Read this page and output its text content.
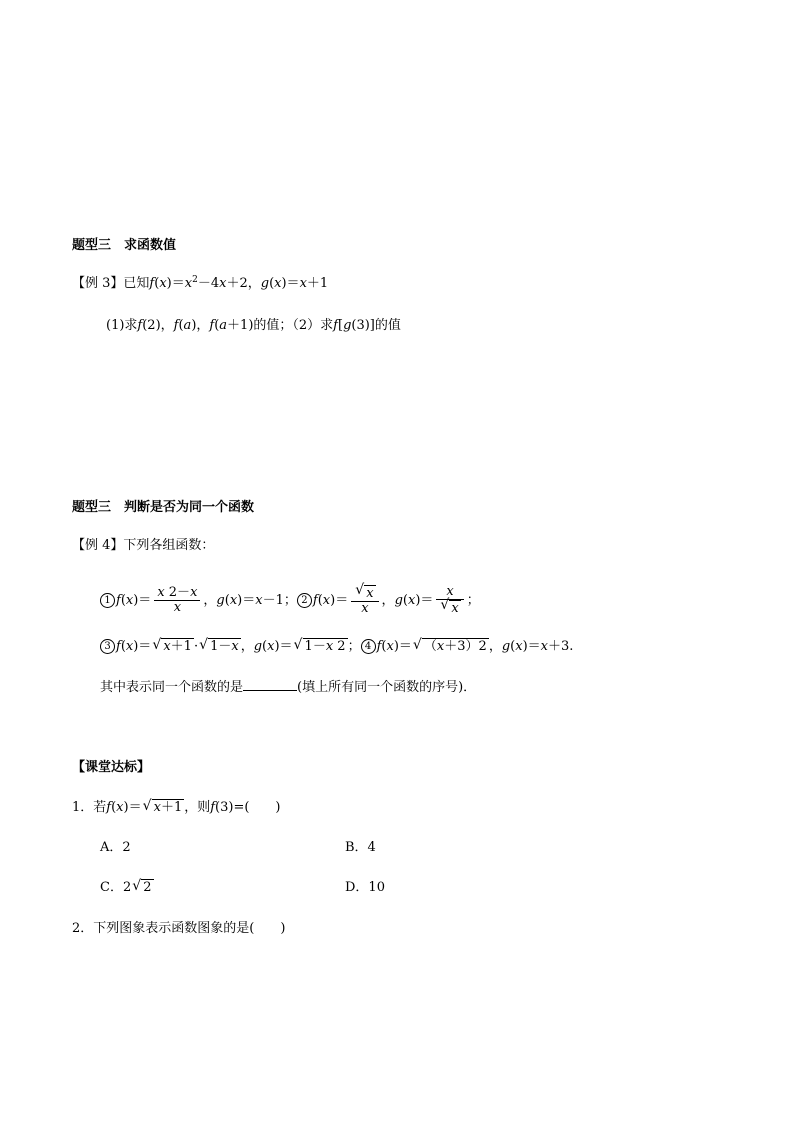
题型三　求函数值
【例 3】已知$f(x)=x^2-4x+2$，g(x)＝x＋1
(1)求f(2)，f(a)，f(a＋1)的值；（2）求f[g(3)]的值
题型三　判断是否为同一个函数
【例 4】下列各组函数：
1 $f(x)= \frac{x 2-x}{x}$ ，g(x)＝x－1； 2 f(x)＝ √ $\frac{x}{x}$ ，g(x)＝ x
√ x ；
3 f(x)＝ √ x＋1 · √ 1－x ，g(x)＝ √ 1－x 2 ； 4 f(x)＝ √ （x＋3）2 ，g(x)＝x＋3.
其中表示同一个函数的是	(填上所有同一个函数的序号)．
【课堂达标】
1．若f(x)＝ √ x＋1 ，则f(3)=(　　)
A．2	B．4
C．2 √ 2	D．10
2．下列图象表示函数图象的是(　　)
